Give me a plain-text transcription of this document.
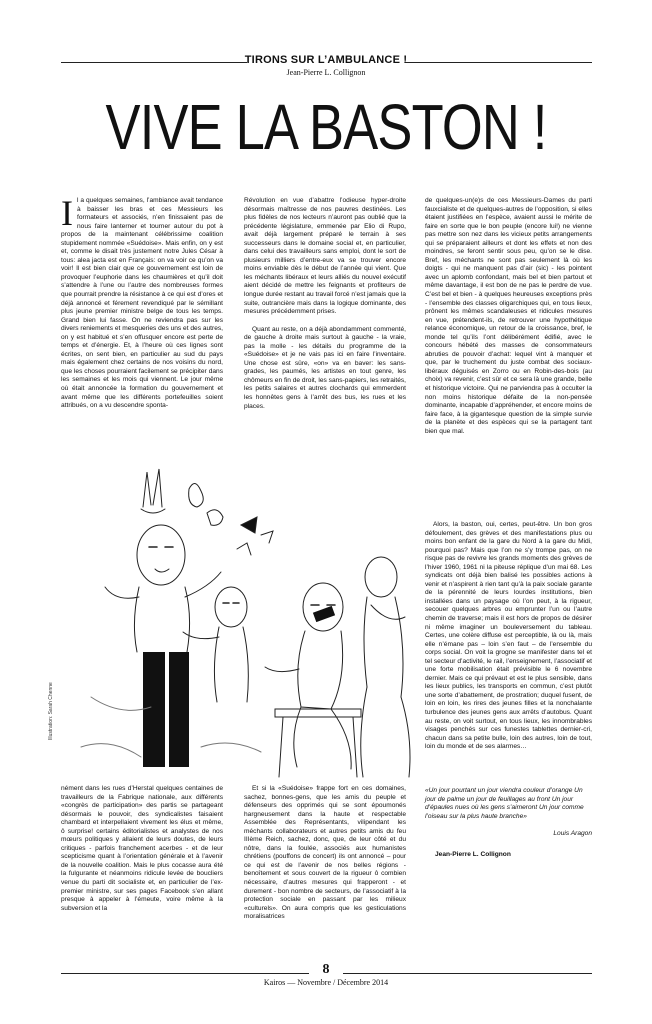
TIRONS SUR L’AMBULANCE !
Jean-Pierre L. Collignon
VIVE LA BASTON !

Il a quelques semaines, l’ambiance avait tendance à baisser les bras et ces Messieurs les formateurs et associés, n’en finissaient pas de nous faire lanterner et tourner autour du pot à propos de la maintenant célébrissime coalition stupidement nommée «Suédoise». Mais enfin, on y est et, comme le disait très justement notre Jules César à tous: alea jacta est en Français: on va voir ce qu’on va voir! Il est bien clair que ce gouvernement est loin de provoquer l’euphorie dans les chaumières et qu’il doit s’attendre à l’une ou l’autre des nombreuses formes que pourrait prendre la résistance à ce qui est d’ores et déjà annoncé et férement revendiqué par le sémillant plus jeune premier ministre belge de tous les temps. Grand bien lui fasse. On ne reviendra pas sur les divers reniements et mesqueries des uns et des autres, on y est habitué et s’en offusquer encore est perte de temps et d’énergie. Et, à l’heure où ces lignes sont écrites, on sent bien, en particulier au sud du pays mais également chez certains de nos voisins du nord, que les choses pourraient facilement se précipiter dans les semaines et les mois qui viennent. Le jour même où était annoncée la formation du gouvernement et avant même que les différents portefeuilles soient attribués, on a vu descendre sponta-

Révolution en vue d’abattre l’odieuse hyper-droite désormais maîtresse de nos pauvres destinées. Les plus fidèles de nos lecteurs n’auront pas oublié que la précédente législature, emmenée par Elio di Rupo, avait déjà largement préparé le terrain à ses successeurs dans le domaine social et, en particulier, dans celui des travailleurs sans emploi, dont le sort de plusieurs milliers d’entre-eux va se trouver encore moins enviable dès le début de l’année qui vient. Que les méchants libéraux et leurs alliés du nouvel exécutif aient décidé de mettre les feignants et profiteurs de longue durée restant au travail forcé n’est jamais que la suite, outrancière mais dans la logique dominante, des mesures précédemment prises.

Quant au reste, on a déjà abondamment commenté, de gauche à droite mais surtout à gauche - la vraie, pas la molle - les détails du programme de la «Suédoise» et je ne vais pas ici en faire l’inventaire. Une chose est sûre, «on» va en baver: les sans-grades, les paumés, les artistes en tout genre, les chômeurs en fin de droit, les sans-papiers, les retraités, les petits salaires et autres clochards qui emmerdent les honnêtes gens à l’arrêt des bus, les rues et les places.

de quelques-un(e)s de ces Messieurs-Dames du parti fauxcialiste et de quelques-autres de l’opposition, si elles étaient justifiées en l’espèce, avaient aussi le mérite de faire en sorte que le bon peuple (encore lui!) ne vienne pas mettre son nez dans les vicieux petits arrangements qui se préparaient ailleurs et dont les effets et non des moindres, se feront sentir sous peu, qu’on se le dise. Bref, les méchants ne sont pas seulement là où les doigts - qui ne manquent pas d’air (sic) - les pointent avec un aplomb confondant, mais bel et bien partout et même davantage, il est bon de ne pas le perdre de vue. C’est bel et bien - à quelques heureuses exceptions près - l’ensemble des classes oligarchiques qui, en tous lieux, prônent les mêmes scandaleuses et ridicules mesures en vue, prétendent-ils, de retrouver une hypothétique relance économique, un retour de la croissance, bref, le monde tel qu’ils l’ont délibérément édifié, avec le concours hébété des masses de consommateurs abruties de pouvoir d’achat: lequel vint à manquer et que, par le truchement du juste combat des sociaux-libéraux déguisés en Zorro ou en Robin-des-bois (au choix) va revenir, c’est sûr et ce sera là une grande, belle et historique victoire. Qui ne parviendra pas à occulter la non moins historique défaite de la non-pensée dominante, incapable d’appréhender, et encore moins de faire face, à la gigantesque question de la simple survie de la planète et des espèces qui se la partagent tant bien que mal.

Alors, la baston, oui, certes, peut-être. Un bon gros défoulement, des grèves et des manifestations plus ou moins bon enfant de la gare du Nord à la gare du Midi, pourquoi pas? Mais que l’on ne s’y trompe pas, on ne risque pas de revivre les grands moments des grèves de l’hiver 1960, 1961 ni la piteuse réplique d’un mai 68. Les syndicats ont déjà bien balisé les possibles actions à venir et n’aspirent à rien tant qu’à la paix sociale garante de la pérennité de leurs lourdes institutions, bien installées dans un paysage où l’on peut, à la rigueur, secouer quelques arbres ou emprunter l’un ou l’autre chemin de traverse; mais il est hors de propos de désirer ni même imaginer un bouleversement du tableau. Certes, une colère diffuse est perceptible, là ou là, mais elle n’émane pas – loin s’en faut – de l’ensemble du corps social. On voit la grogne se manifester dans tel et tel secteur d’activité, le rail, l’enseignement, l’associatif et une forte mobilisation était prévisible le 6 novembre dernier. Mais ce qui prévaut et est le plus sensible, dans les lieux publics, les transports en commun, c’est plutôt une sorte d’abattement, de prostration; duquel fusent, de loin en loin, les rires des jeunes filles et la nonchalante turbulence des jeunes gens aux arrêts d’autobus. Quant au reste, on voit surtout, en tous lieux, les innombrables visages penchés sur ces funestes tablettes dernier-cri, chacun dans sa petite bulle, loin des autres, loin de tout, loin du monde et de ses alarmes…

Illustration: Sarah Chenne

nément dans les rues d’Herstal quelques centaines de travailleurs de la Fabrique nationale, aux différents «congrès de participation» des partis se partageant désormais le pouvoir, des syndicalistes faisaient chambard et interpellaient vivement les élus et même, ô surprise! certains éditorialistes et analystes de nos mœurs politiques y allaient de leurs doutes, de leurs critiques - parfois franchement acerbes - et de leur scepticisme quant à l’orientation générale et à l’avenir de la nouvelle coalition. Mais le plus cocasse aura été la fulgurante et néanmoins ridicule levée de boucliers venue du parti dit socialiste et, en particulier de l’ex-premier ministre, sur ses pages Facebook s’en allant presque à appeler à l’émeute, voire même à la subversion et la

Et si la «Suédoise» frappe fort en ces domaines, sachez, bonnes-gens, que les amis du peuple et défenseurs des opprimés qui se sont époumonés hargneusement dans la haute et respectable Assemblée des Représentants, vilipendant les méchants collaborateurs et autres petits amis du feu IIIème Reich, sachez, donc, que, de leur côté et du nôtre, dans la foulée, associés aux humanistes chrétiens (pouffons de concert) ils ont annoncé – pour ce qui est de l’avenir de nos belles régions - benoîtement et sous couvert de la rigueur ô combien nécessaire, d’autres mesures qui frapperont - et durement - bon nombre de secteurs, de l’associatif à la protection sociale en passant par les milieux «culturels». On aura compris que les gesticulations moralisatrices

«Un jour pourtant un jour viendra couleur d’orange Un jour de palme un jour de feuillages au front Un jour d’épaules nues où les gens s’aimeront Un jour comme l’oiseau sur la plus haute branche»
Louis Aragon
Jean-Pierre L. Collignon
8
Kairos — Novembre / Décembre 2014
